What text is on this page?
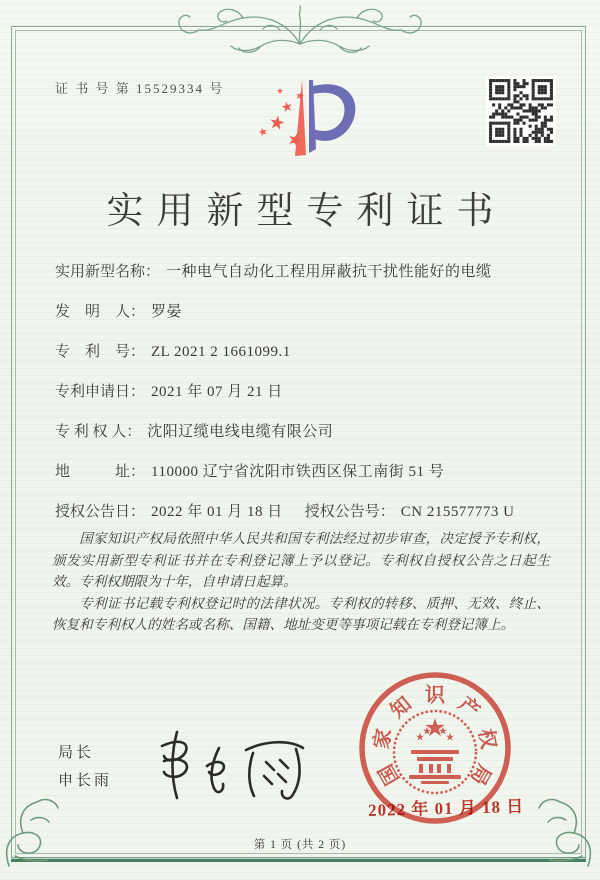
证 书 号 第 15529334 号
实用新型专利证书
实用新型名称： 一种电气自动化工程用屏蔽抗干扰性能好的电缆
发　明　人： 罗晏
专　利　号： ZL 2021 2 1661099.1
专利申请日： 2021 年 07 月 21 日
专 利 权 人： 沈阳辽缆电线电缆有限公司
地　　　址： 110000 辽宁省沈阳市铁西区保工南街 51 号
授权公告日： 2022 年 01 月 18 日 授权公告号： CN 215577773 U

国家知识产权局依照中华人民共和国专利法经过初步审查，决定授予专利权，颁发实用新型专利证书并在专利登记簿上予以登记。专利权自授权公告之日起生效。专利权期限为十年，自申请日起算。

专利证书记载专利权登记时的法律状况。专利权的转移、质押、无效、终止、恢复和专利权人的姓名或名称、国籍、地址变更等事项记载在专利登记簿上。

局长
申长雨	国
家
知 识 产
权
局
2022 年 01 月 18 日
第 1 页 (共 2 页)
